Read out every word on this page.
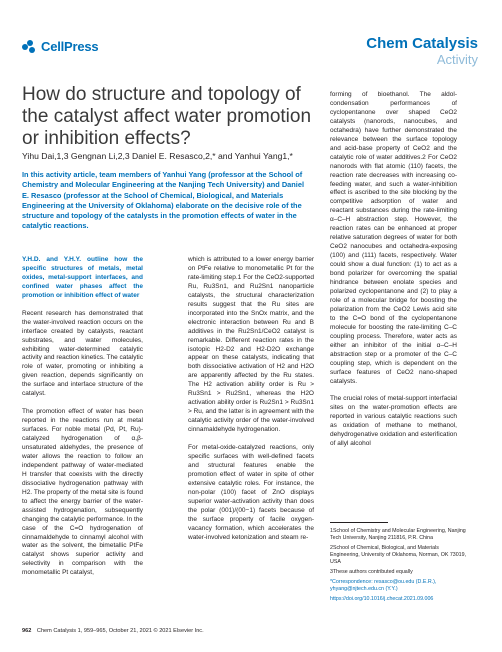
CellPress	Chem Catalysis
Activity
How do structure and topology of the catalyst affect water promotion or inhibition effects?
Yihu Dai,1,3 Gengnan Li,2,3 Daniel E. Resasco,2,* and Yanhui Yang1,*
In this activity article, team members of Yanhui Yang (professor at the School of Chemistry and Molecular Engineering at the Nanjing Tech University) and Daniel E. Resasco (professor at the School of Chemical, Biological, and Materials Engineering at the University of Oklahoma) elaborate on the decisive role of the structure and topology of the catalysts in the promotion effects of water in the catalytic reactions.

Y.H.D. and Y.H.Y. outline how the specific structures of metals, metal oxides, metal-support interfaces, and confined water phases affect the promotion or inhibition effect of water

Recent research has demonstrated that the water-involved reaction occurs on the interface created by catalysts, reactant substrates, and water molecules, exhibiting water-determined catalytic activity and reaction kinetics. The catalytic role of water, promoting or inhibiting a given reaction, depends significantly on the surface and interface structure of the catalyst.

The promotion effect of water has been reported in the reactions run at metal surfaces. For noble metal (Pd, Pt, Ru)-catalyzed hydrogenation of α,β-unsaturated aldehydes, the presence of water allows the reaction to follow an independent pathway of water-mediated H transfer that coexists with the directly dissociative hydrogenation pathway with H2. The property of the metal site is found to affect the energy barrier of the water-assisted hydrogenation, subsequently changing the catalytic performance. In the case of the C=O hydrogenation of cinnamaldehyde to cinnamyl alcohol with water as the solvent, the bimetallic PtFe catalyst shows superior activity and selectivity in comparison with the monometallic Pt catalyst,

which is attributed to a lower energy barrier on PtFe relative to monometallic Pt for the rate-limiting step.1 For the CeO2-supported Ru, Ru3Sn1, and Ru2Sn1 nanoparticle catalysts, the structural characterization results suggest that the Ru sites are incorporated into the SnOx matrix, and the electronic interaction between Ru and B additives in the Ru2Sn1/CeO2 catalyst is remarkable. Different reaction rates in the isotopic H2-D2 and H2-D2O exchange appear on these catalysts, indicating that both dissociative activation of H2 and H2O are apparently affected by the Ru states. The H2 activation ability order is Ru > Ru3Sn1 > Ru2Sn1, whereas the H2O activation ability order is Ru2Sn1 > Ru3Sn1 > Ru, and the latter is in agreement with the catalytic activity order of the water-involved cinnamaldehyde hydrogenation.

For metal-oxide-catalyzed reactions, only specific surfaces with well-defined facets and structural features enable the promotion effect of water in spite of other extensive catalytic roles. For instance, the non-polar (100) facet of ZnO displays superior water-activation activity than does the polar (001)/(00−1) facets because of the surface property of facile oxygen-vacancy formation, which accelerates the water-involved ketonization and steam re-

forming of bioethanol. The aldol-condensation performances of cyclopentanone over shaped CeO2 catalysts (nanorods, nanocubes, and octahedra) have further demonstrated the relevance between the surface topology and acid-base property of CeO2 and the catalytic role of water additives.2 For CeO2 nanorods with flat atomic (110) facets, the reaction rate decreases with increasing co-feeding water, and such a water-inhibition effect is ascribed to the site blocking by the competitive adsorption of water and reactant substances during the rate-limiting α–C–H abstraction step. However, the reaction rates can be enhanced at proper relative saturation degrees of water for both CeO2 nanocubes and octahedra-exposing (100) and (111) facets, respectively. Water could show a dual function: (1) to act as a bond polarizer for overcoming the spatial hindrance between enolate species and polarized cyclopentanone and (2) to play a role of a molecular bridge for boosting the polarization from the CeO2 Lewis acid site to the C=O bond of the cyclopentanone molecule for boosting the rate-limiting C–C coupling process. Therefore, water acts as either an inhibitor of the initial α–C–H abstraction step or a promoter of the C–C coupling step, which is dependent on the surface features of CeO2 nano-shaped catalysts.

The crucial roles of metal-support interfacial sites on the water-promotion effects are reported in various catalytic reactions such as oxidation of methane to methanol, dehydrogenative oxidation and esterification of allyl alcohol

1School of Chemistry and Molecular Engineering, Nanjing Tech University, Nanjing 211816, P.R. China

2School of Chemical, Biological, and Materials Engineering, University of Oklahoma, Norman, OK 73019, USA

3These authors contributed equally

*Correspondence: resasco@ou.edu (D.E.R.), yhyang@njtech.edu.cn (Y.Y.)

https://doi.org/10.1016/j.checat.2021.09.006

962 Chem Catalysis 1, 959–965, October 21, 2021 © 2021 Elsevier Inc.
